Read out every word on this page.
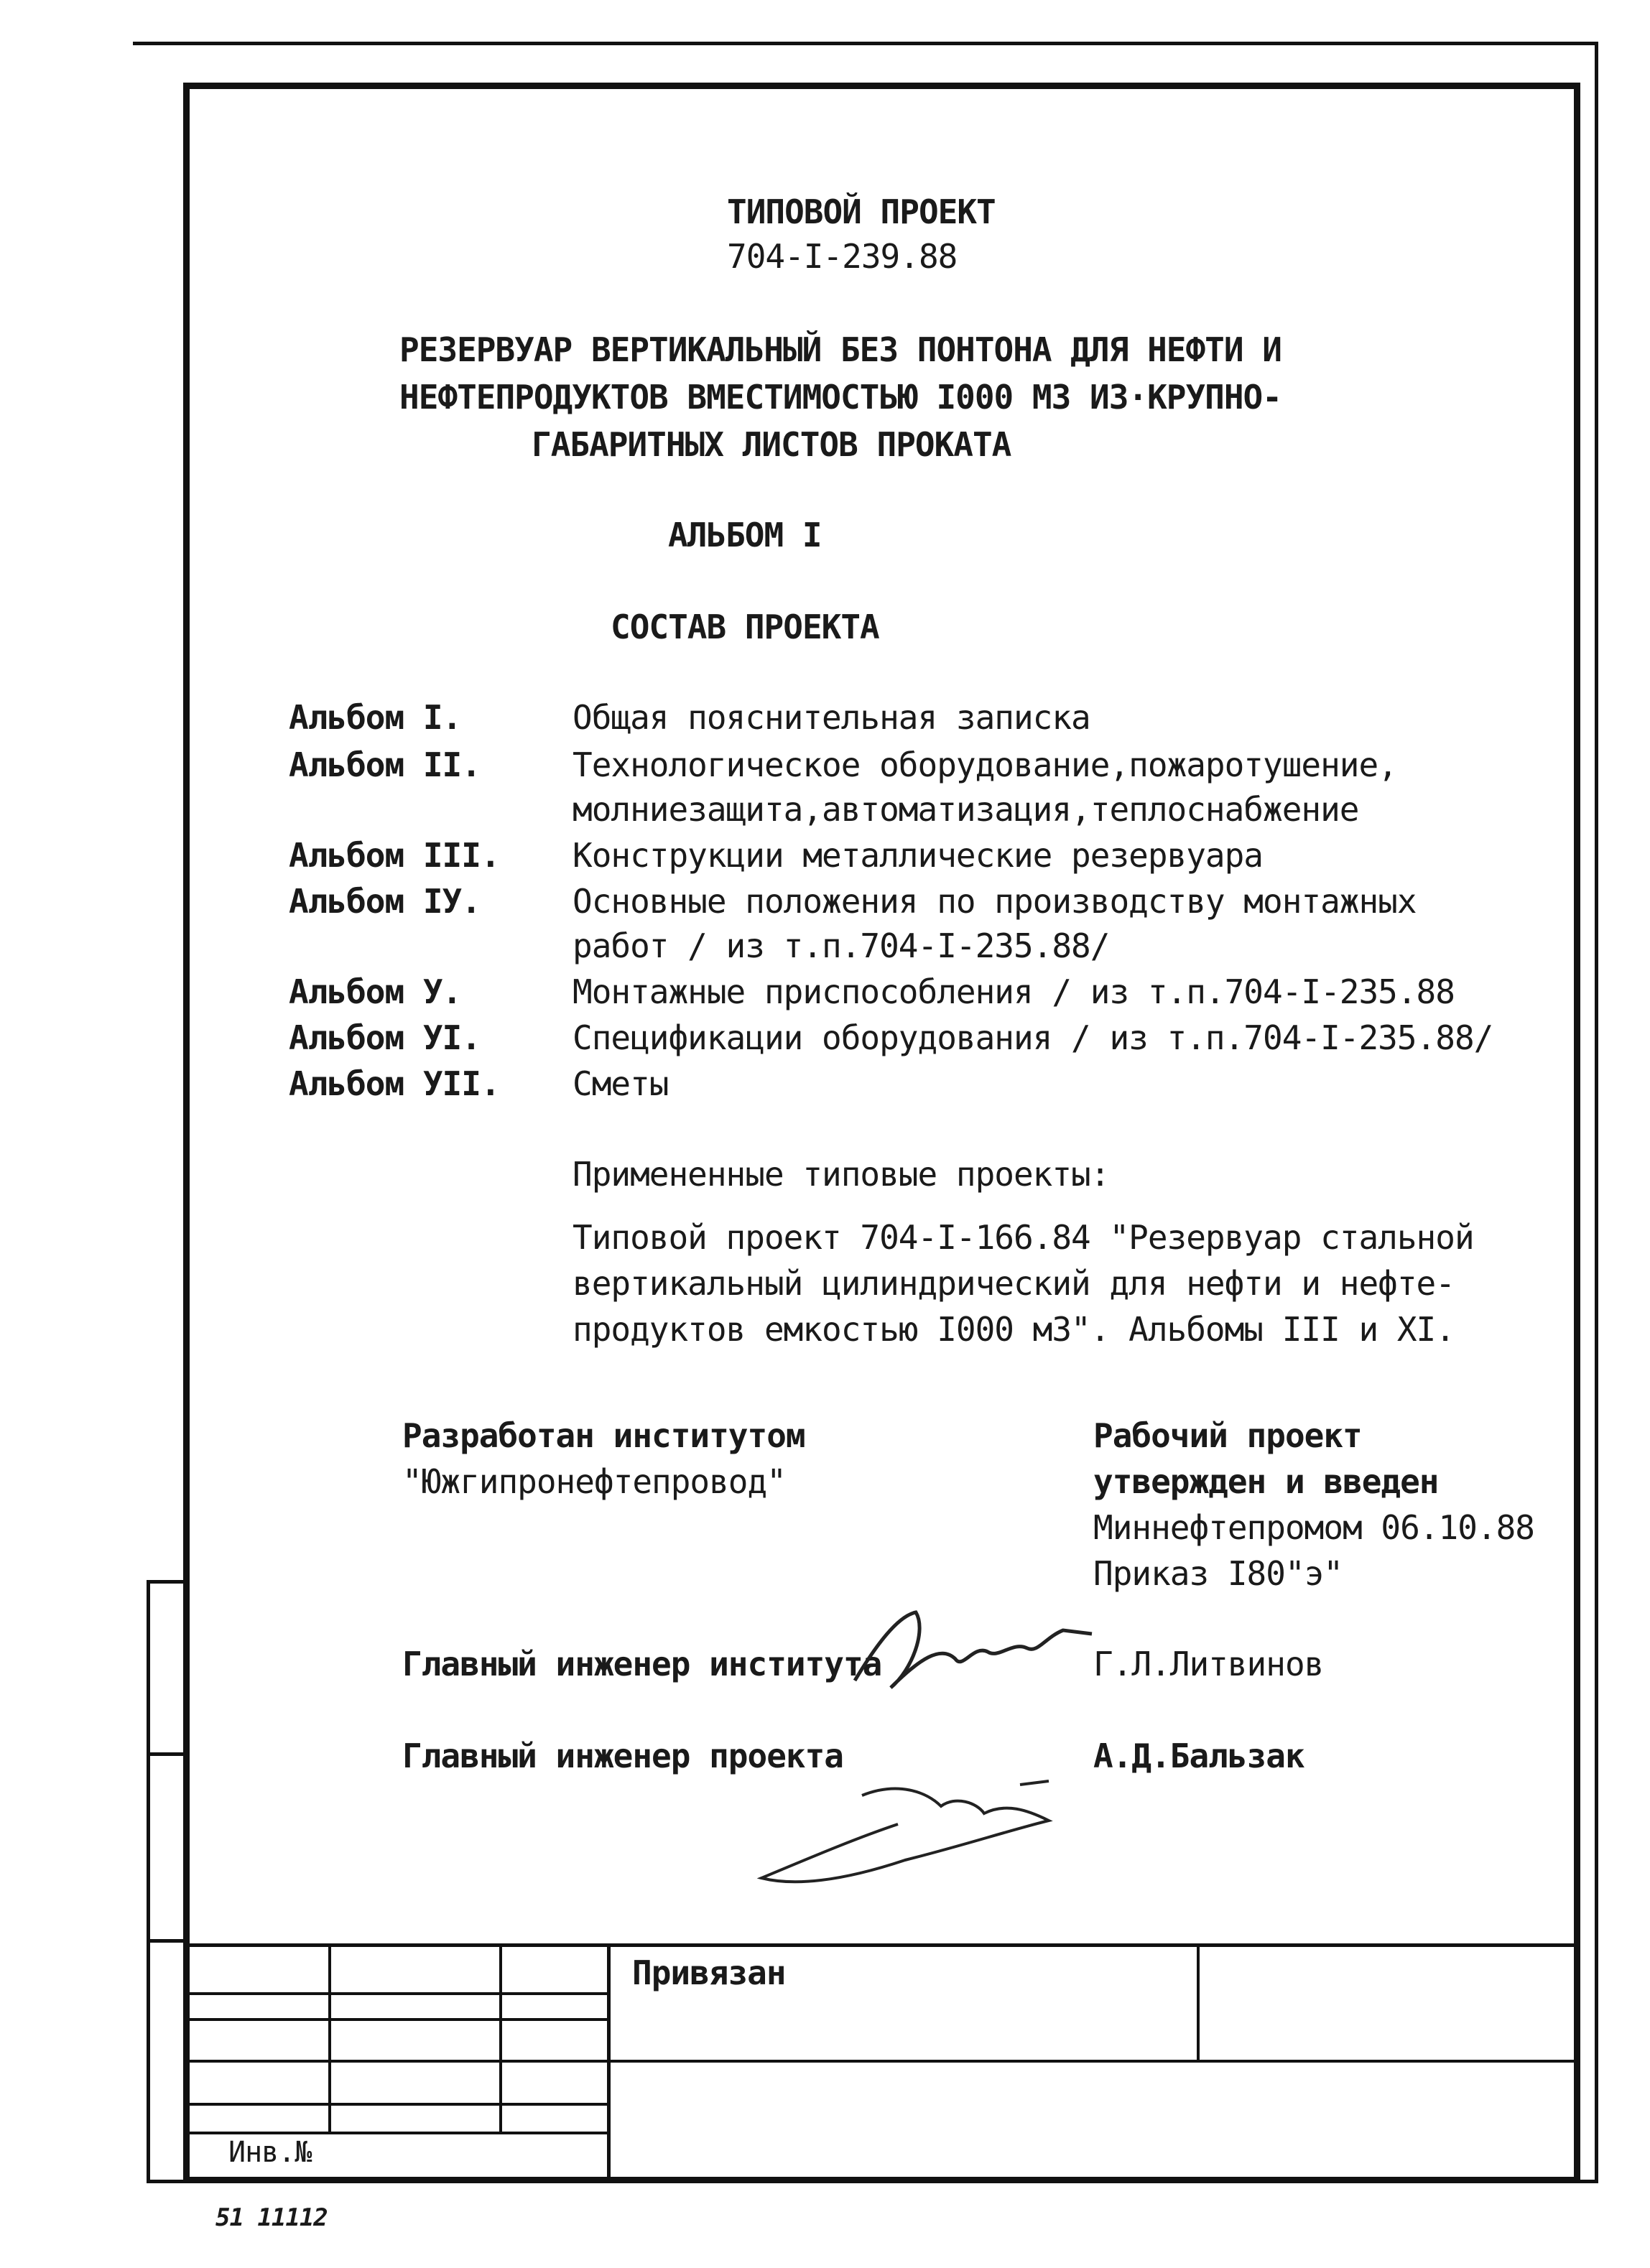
ТИПОВОЙ ПРОЕКТ
704-I-239.88
РЕЗЕРВУАР ВЕРТИКАЛЬНЫЙ БЕЗ ПОНТОНА ДЛЯ НЕФТИ И
НЕФТЕПРОДУКТОВ ВМЕСТИМОСТЬЮ I000 М3 ИЗ·КРУПНО-
ГАБАРИТНЫХ ЛИСТОВ ПРОКАТА
АЛЬБОМ I
СОСТАВ ПРОЕКТА
Альбом I.	Общая пояснительная записка
Альбом II.	Технологическое оборудование,пожаротушение,
молниезащита,автоматизация,теплоснабжение
Альбом III.	Конструкции металлические резервуара
Альбом IУ.	Основные положения по производству монтажных
работ / из т.п.704-I-235.88/
Альбом У.	Монтажные приспособления / из т.п.704-I-235.88
Альбом УI.	Спецификации оборудования / из т.п.704-I-235.88/
Альбом УII.	Сметы
Примененные типовые проекты:
Типовой проект 704-I-166.84 "Резервуар стальной
вертикальный цилиндрический для нефти и нефте-
продуктов емкостью I000 м3". Альбомы III и XI.
Разработан институтом
"Южгипронефтепровод"
Рабочий проект
утвержден и введен
Миннефтепромом 06.10.88
Приказ I80"э"
Главный инженер института	Г.Л.Литвинов
Главный инженер проекта	А.Д.Бальзак
Привязан
Инв.№
51 11112
